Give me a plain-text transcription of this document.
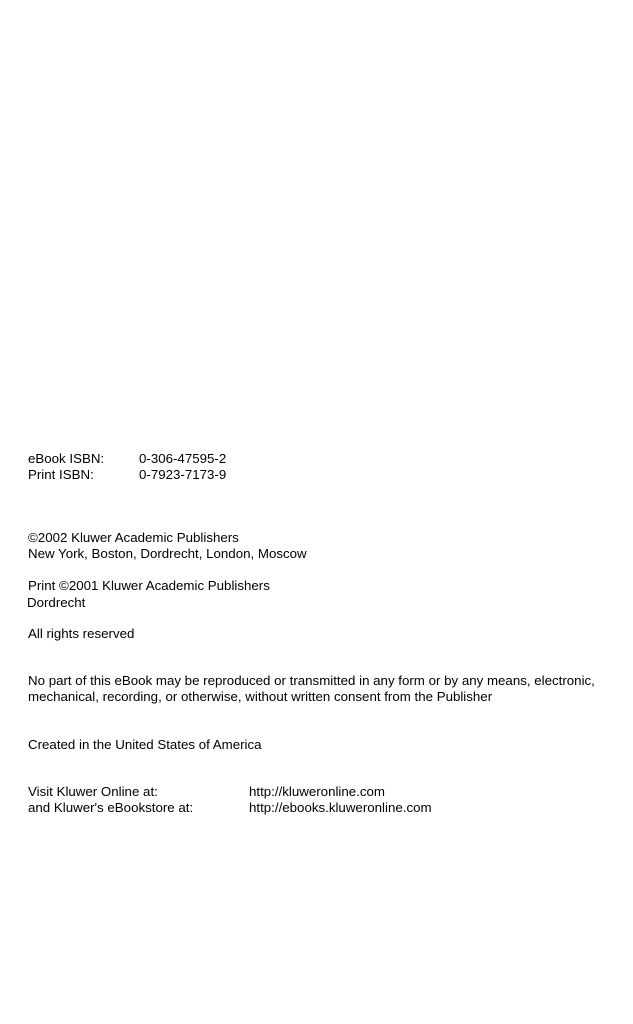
eBook ISBN:	0-306-47595-2
Print ISBN:	0-7923-7173-9
©2002 Kluwer Academic Publishers
New York, Boston, Dordrecht, London, Moscow
Print ©2001 Kluwer Academic Publishers
Dordrecht
All rights reserved
No part of this eBook may be reproduced or transmitted in any form or by any means, electronic,
mechanical, recording, or otherwise, without written consent from the Publisher
Created in the United States of America
Visit Kluwer Online at:	http://kluweronline.com
and Kluwer's eBookstore at:	http://ebooks.kluweronline.com
